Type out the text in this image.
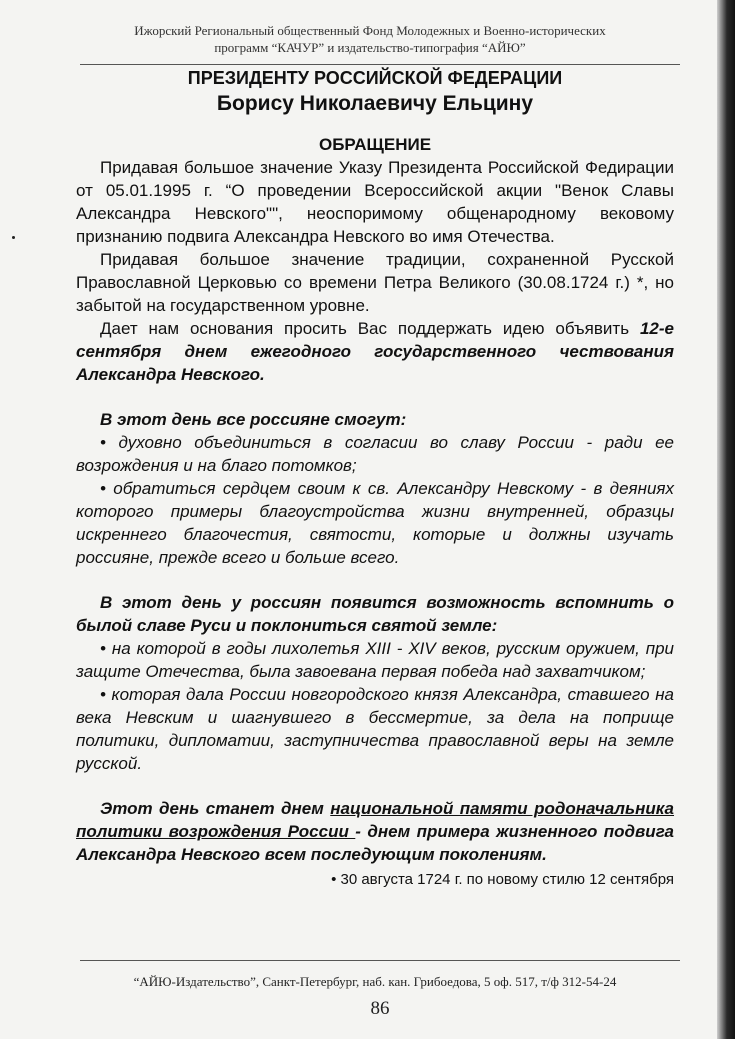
Ижорский Региональный общественный Фонд Молодежных и Военно-исторических
программ “КАЧУР” и издательство-типография “АЙЮ”
ПРЕЗИДЕНТУ РОССИЙСКОЙ ФЕДЕРАЦИИ
Борису Николаевичу Ельцину
ОБРАЩЕНИЕ

Придавая большое значение Указу Президента Российской Федирации от 05.01.1995 г. “О проведении Всероссийской акции "Венок Славы Александра Невского"", неоспоримому общенародному вековому признанию подвига Александра Невского во имя Отечества.

Придавая большое значение традиции, сохраненной Русской Православной Церковью со времени Петра Великого (30.08.1724 г.) *, но забытой на государственном уровне.

Дает нам основания просить Вас поддержать идею объявить 12-е сентября днем ежегодного государственного чествования Александра Невского.

В этот день все россияне смогут:

• духовно объединиться в согласии во славу России - ради ее возрождения и на благо потомков;

• обратиться сердцем своим к св. Александру Невскому - в деяниях которого примеры благоустройства жизни внутренней, образцы искреннего благочестия, святости, которые и должны изучать россияне, прежде всего и больше всего.

В этот день у россиян появится возможность вспомнить о былой славе Руси и поклониться святой земле:

• на которой в годы лихолетья XIII - XIV веков, русским оружием, при защите Отечества, была завоевана первая победа над захватчиком;

• которая дала России новгородского князя Александра, ставшего на века Невским и шагнувшего в бессмертие, за дела на поприще политики, дипломатии, заступничества православной веры на земле русской.

Этот день станет днем национальной памяти родоначальника политики возрождения России - днем примера жизненного подвига Александра Невского всем последующим поколениям.

• 30 августа 1724 г. по новому стилю 12 сентября
“АЙЮ-Издательство”, Санкт-Петербург, наб. кан. Грибоедова, 5 оф. 517, т/ф 312-54-24
86
